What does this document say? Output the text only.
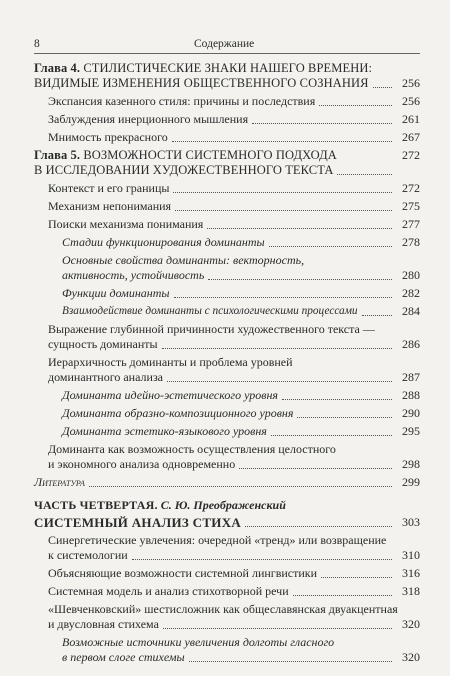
8	Содержание
Глава 4. СТИЛИСТИЧЕСКИЕ ЗНАКИ НАШЕГО ВРЕМЕНИ:
ВИДИМЫЕ ИЗМЕНЕНИЯ ОБЩЕСТВЕННОГО СОЗНАНИЯ	256
Экспансия казенного стиля: причины и последствия	256
Заблуждения инерционного мышления	261
Мнимость прекрасного	267
Глава 5. ВОЗМОЖНОСТИ СИСТЕМНОГО ПОДХОДА	272
В ИССЛЕДОВАНИИ ХУДОЖЕСТВЕННОГО ТЕКСТА
Контекст и его границы	272
Механизм непонимания	275
Поиски механизма понимания	277
Стадии функционирования доминанты	278
Основные свойства доминанты: векторность,
активность, устойчивость	280
Функции доминанты	282
Взаимодействие доминанты с психологическими процессами	284
Выражение глубинной причинности художественного текста —
сущность доминанты	286
Иерархичность доминанты и проблема уровней
доминантного анализа	287
Доминанта идейно-эстетического уровня	288
Доминанта образно-композиционного уровня	290
Доминанта эстетико-языкового уровня	295
Доминанта как возможность осуществления целостного
и экономного анализа одновременно	298
Литература	299
ЧАСТЬ ЧЕТВЕРТАЯ. С. Ю. Преображенский
СИСТЕМНЫЙ АНАЛИЗ СТИХА	303
Синергетические увлечения: очередной «тренд» или возвращение
к системологии	310
Объясняющие возможности системной лингвистики	316
Системная модель и анализ стихотворной речи	318
«Шевченковский» шестисложник как общеславянская двуакцентная
и двусловная стихема	320
Возможные источники увеличения долготы гласного
в первом слоге стихемы	320
